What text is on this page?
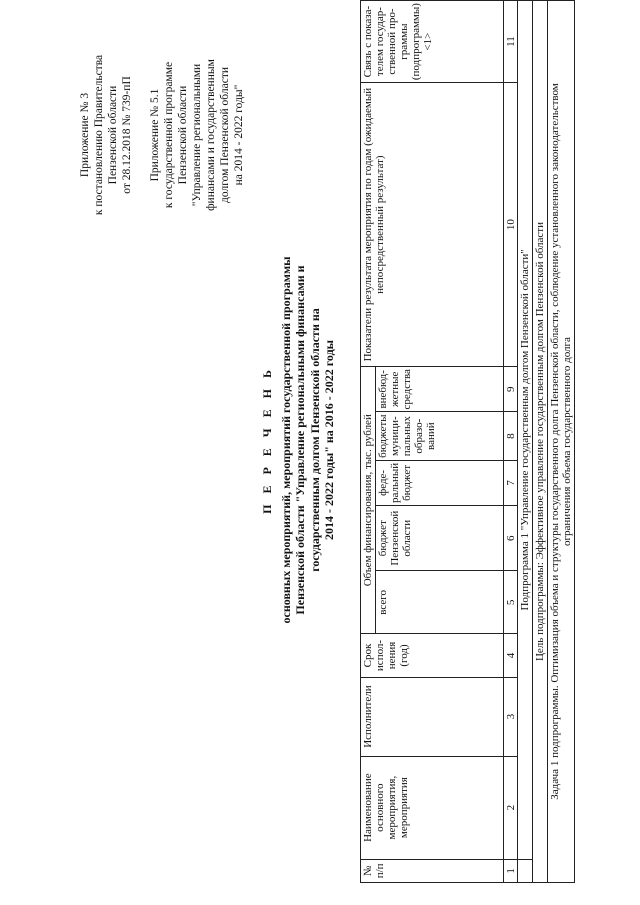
Приложение № 3 к постановлению Правительства Пензенской области от 28.12.2018 № 739-пП Приложение № 5.1 к государственной программе Пензенской области "Управление региональными финансами и государственным долгом Пензенской области на 2014 - 2022 годы"
П Е Р Е Ч Е Н Ь основных мероприятий, мероприятий государственной программы Пензенской области "Управление региональными финансами и государственным долгом Пензенской области на 2014 - 2022 годы" на 2016 - 2022 годы
№ п/п	Наименование основного мероприятия, мероприятия	Исполнители	Срок испол-нения (год)	Объем финансирования, тыс. рублей					Показатели результата мероприятия по годам (ожидаемый непосредственный результат)	Связь с показа-телем государ-ственной про-граммы (подпрограммы) <1>
				всего	бюджет Пензенской области	феде-ральный бюджет	бюджеты муници-пальных образо-ваний	внебюд-жетные средства		
1	2	3	4	5	6	7	8	9	10	11
	Подпрограмма 1 "Управление государственным долгом Пензенской области"									
Цель подпрограммы: Эффективное управление государственным долгом Пензенской области										

Задача 1 подпрограммы. Оптимизация объема и структуры государственного долга Пензенской области, соблюдение установленного законодательством ограничения объема государственного долга										
